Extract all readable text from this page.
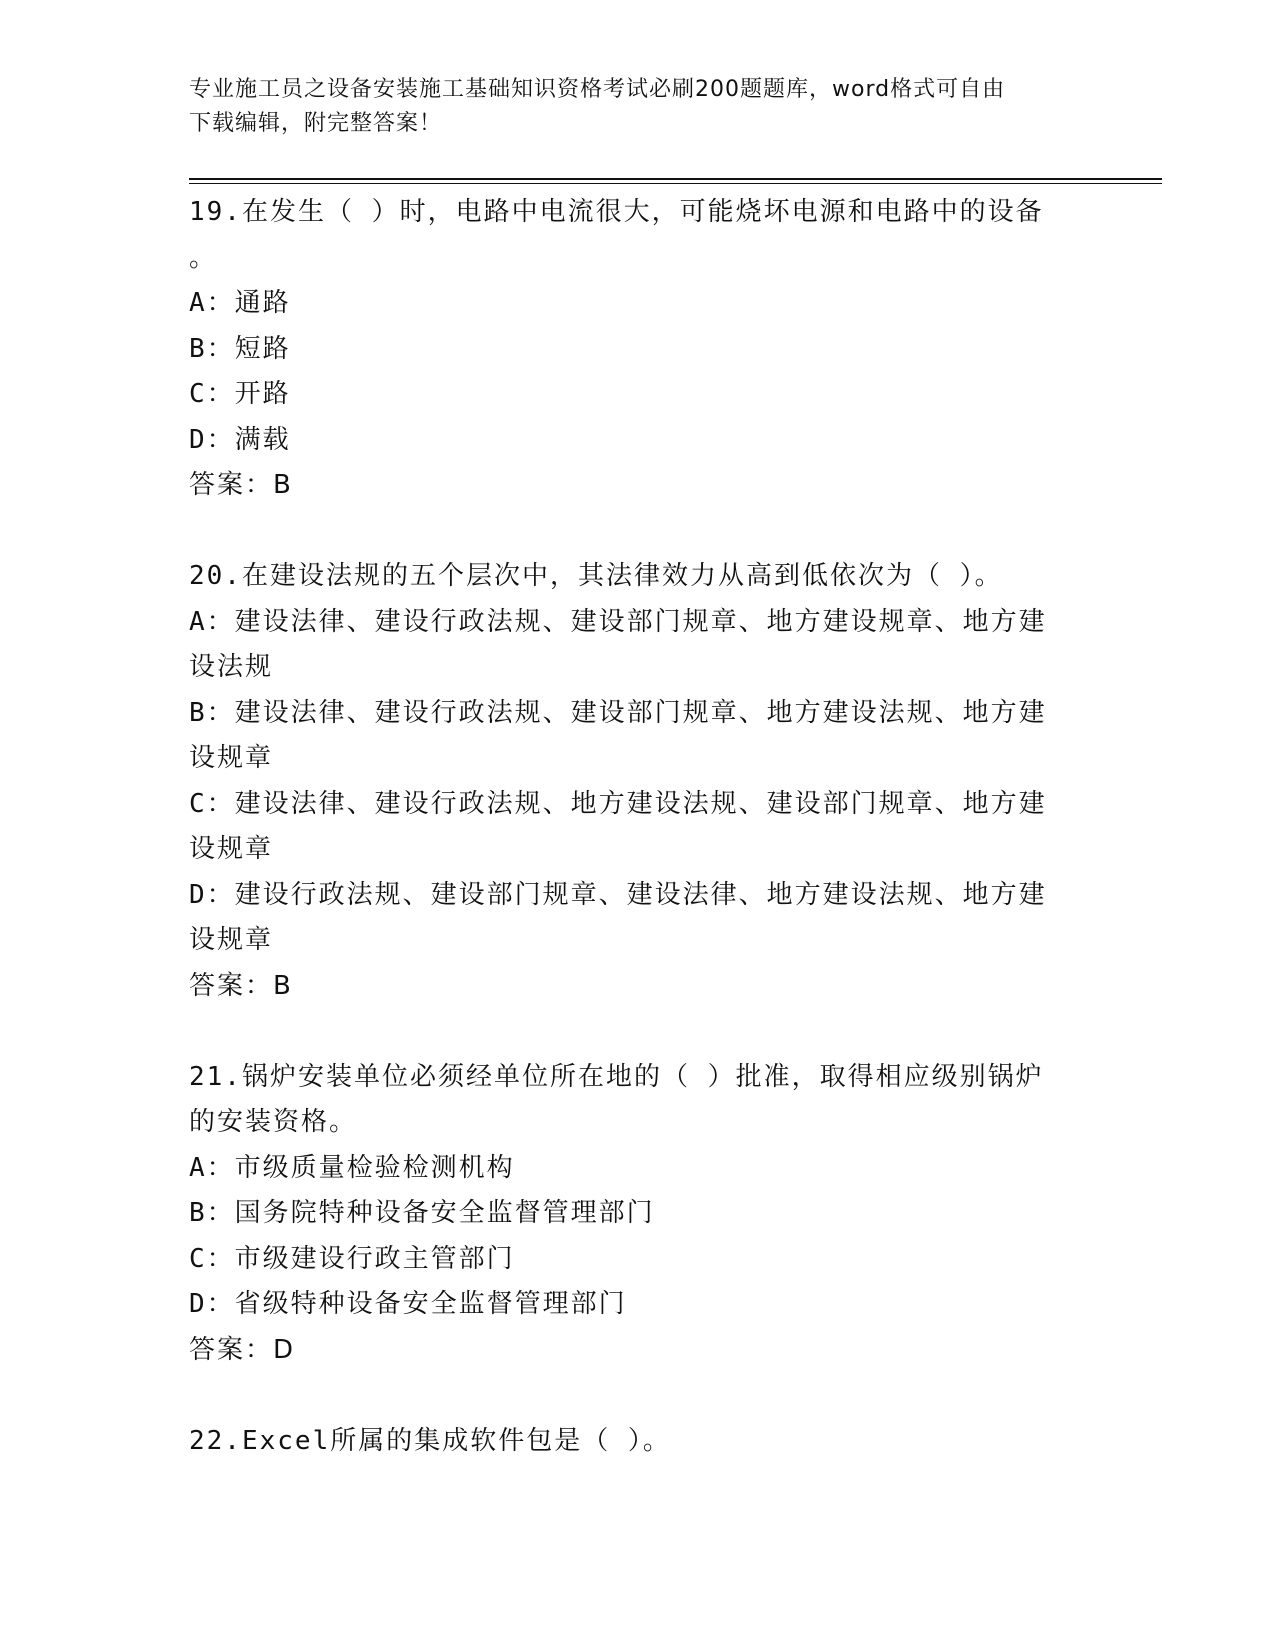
专业施工员之设备安装施工基础知识资格考试必刷200题题库，word格式可自由
下载编辑，附完整答案！
19.在发生（ ）时，电路中电流很大，可能烧坏电源和电路中的设备
。
A：通路
B：短路
C：开路
D：满载
答案：B
20.在建设法规的五个层次中，其法律效力从高到低依次为（ ）。
A：建设法律、建设行政法规、建设部门规章、地方建设规章、地方建
设法规
B：建设法律、建设行政法规、建设部门规章、地方建设法规、地方建
设规章
C：建设法律、建设行政法规、地方建设法规、建设部门规章、地方建
设规章
D：建设行政法规、建设部门规章、建设法律、地方建设法规、地方建
设规章
答案：B
21.锅炉安装单位必须经单位所在地的（ ）批准，取得相应级别锅炉
的安装资格。
A：市级质量检验检测机构
B：国务院特种设备安全监督管理部门
C：市级建设行政主管部门
D：省级特种设备安全监督管理部门
答案：D
22.Excel所属的集成软件包是（ ）。
